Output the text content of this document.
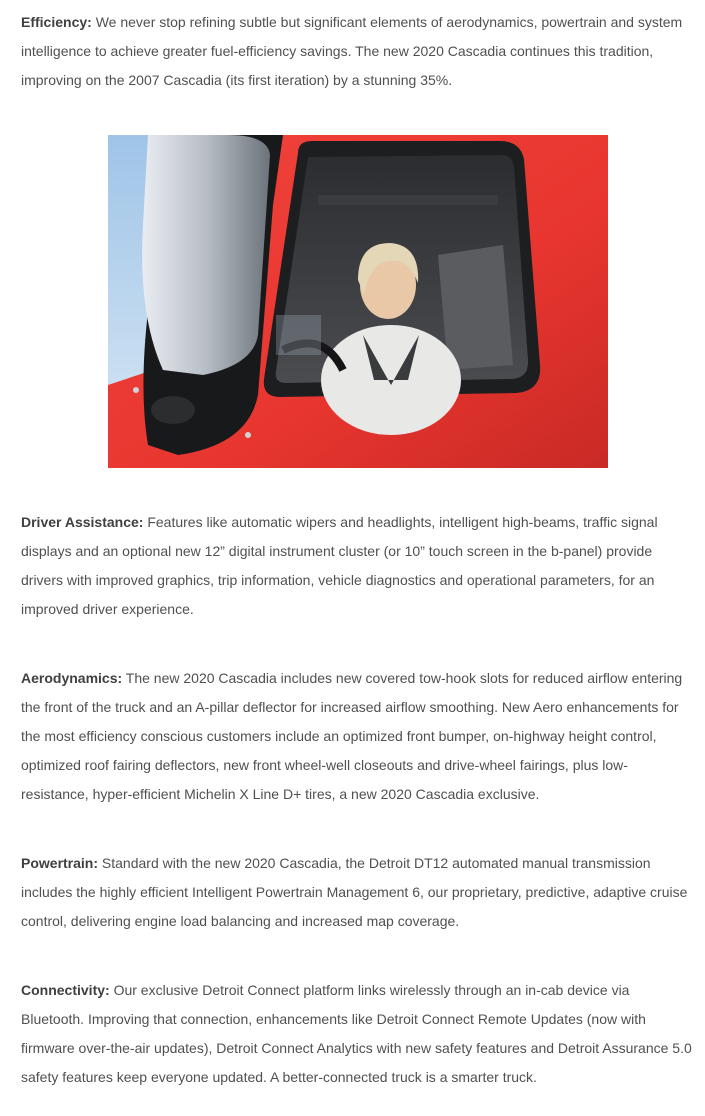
Efficiency: We never stop refining subtle but significant elements of aerodynamics, powertrain and system intelligence to achieve greater fuel-efficiency savings. The new 2020 Cascadia continues this tradition, improving on the 2007 Cascadia (its first iteration) by a stunning 35%.

Driver Assistance: Features like automatic wipers and headlights, intelligent high-beams, traffic signal displays and an optional new 12” digital instrument cluster (or 10” touch screen in the b-panel) provide drivers with improved graphics, trip information, vehicle diagnostics and operational parameters, for an improved driver experience.

Aerodynamics: The new 2020 Cascadia includes new covered tow-hook slots for reduced airflow entering the front of the truck and an A-pillar deflector for increased airflow smoothing. New Aero enhancements for the most efficiency conscious customers include an optimized front bumper, on-highway height control, optimized roof fairing deflectors, new front wheel-well closeouts and drive-wheel fairings, plus low-resistance, hyper-efficient Michelin X Line D+ tires, a new 2020 Cascadia exclusive.

Powertrain: Standard with the new 2020 Cascadia, the Detroit DT12 automated manual transmission includes the highly efficient Intelligent Powertrain Management 6, our proprietary, predictive, adaptive cruise control, delivering engine load balancing and increased map coverage.

Connectivity: Our exclusive Detroit Connect platform links wirelessly through an in-cab device via Bluetooth. Improving that connection, enhancements like Detroit Connect Remote Updates (now with firmware over-the-air updates), Detroit Connect Analytics with new safety features and Detroit Assurance 5.0 safety features keep everyone updated. A better-connected truck is a smarter truck.
